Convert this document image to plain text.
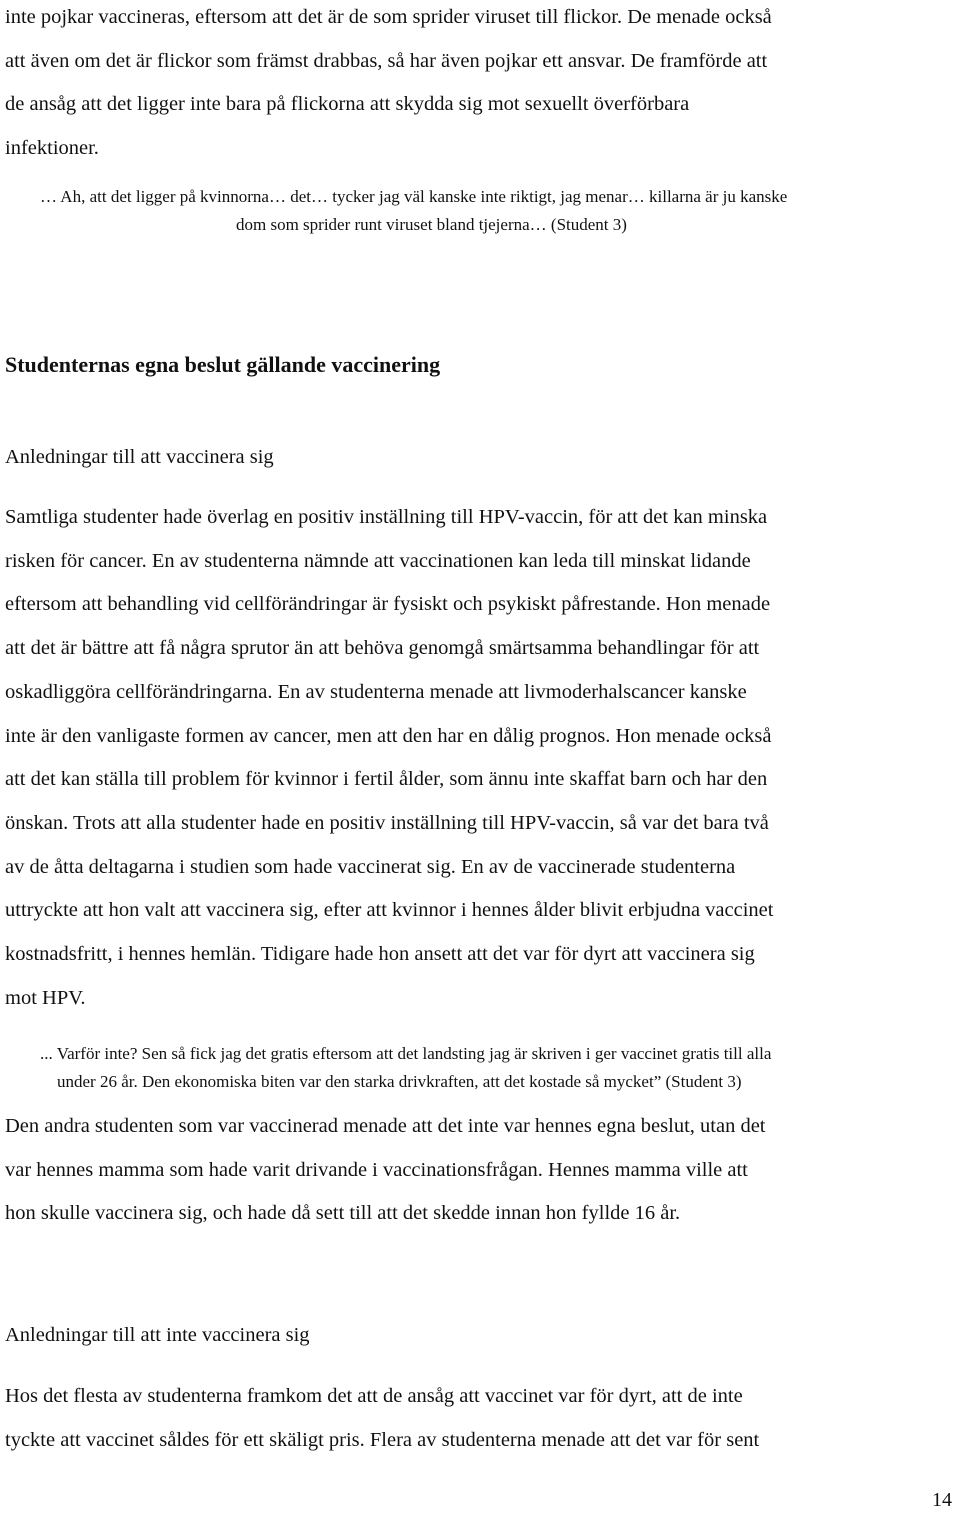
inte pojkar vaccineras, eftersom att det är de som sprider viruset till flickor. De menade också
att även om det är flickor som främst drabbas, så har även pojkar ett ansvar. De framförde att
de ansåg att det ligger inte bara på flickorna att skydda sig mot sexuellt överförbara
infektioner.

… Ah, att det ligger på kvinnorna… det… tycker jag väl kanske inte riktigt, jag menar… killarna är ju kanske
dom som sprider runt viruset bland tjejerna… (Student 3)
Studenternas egna beslut gällande vaccinering
Anledningar till att vaccinera sig

Samtliga studenter hade överlag en positiv inställning till HPV-vaccin, för att det kan minska
risken för cancer. En av studenterna nämnde att vaccinationen kan leda till minskat lidande
eftersom att behandling vid cellförändringar är fysiskt och psykiskt påfrestande. Hon menade
att det är bättre att få några sprutor än att behöva genomgå smärtsamma behandlingar för att
oskadliggöra cellförändringarna. En av studenterna menade att livmoderhalscancer kanske
inte är den vanligaste formen av cancer, men att den har en dålig prognos. Hon menade också
att det kan ställa till problem för kvinnor i fertil ålder, som ännu inte skaffat barn och har den
önskan. Trots att alla studenter hade en positiv inställning till HPV-vaccin, så var det bara två
av de åtta deltagarna i studien som hade vaccinerat sig. En av de vaccinerade studenterna
uttryckte att hon valt att vaccinera sig, efter att kvinnor i hennes ålder blivit erbjudna vaccinet
kostnadsfritt, i hennes hemlän. Tidigare hade hon ansett att det var för dyrt att vaccinera sig
mot HPV.

... Varför inte? Sen så fick jag det gratis eftersom att det landsting jag är skriven i ger vaccinet gratis till alla
under 26 år. Den ekonomiska biten var den starka drivkraften, att det kostade så mycket” (Student 3)

Den andra studenten som var vaccinerad menade att det inte var hennes egna beslut, utan det
var hennes mamma som hade varit drivande i vaccinationsfrågan. Hennes mamma ville att
hon skulle vaccinera sig, och hade då sett till att det skedde innan hon fyllde 16 år.

Anledningar till att inte vaccinera sig

Hos det flesta av studenterna framkom det att de ansåg att vaccinet var för dyrt, att de inte
tyckte att vaccinet såldes för ett skäligt pris. Flera av studenterna menade att det var för sent

14
